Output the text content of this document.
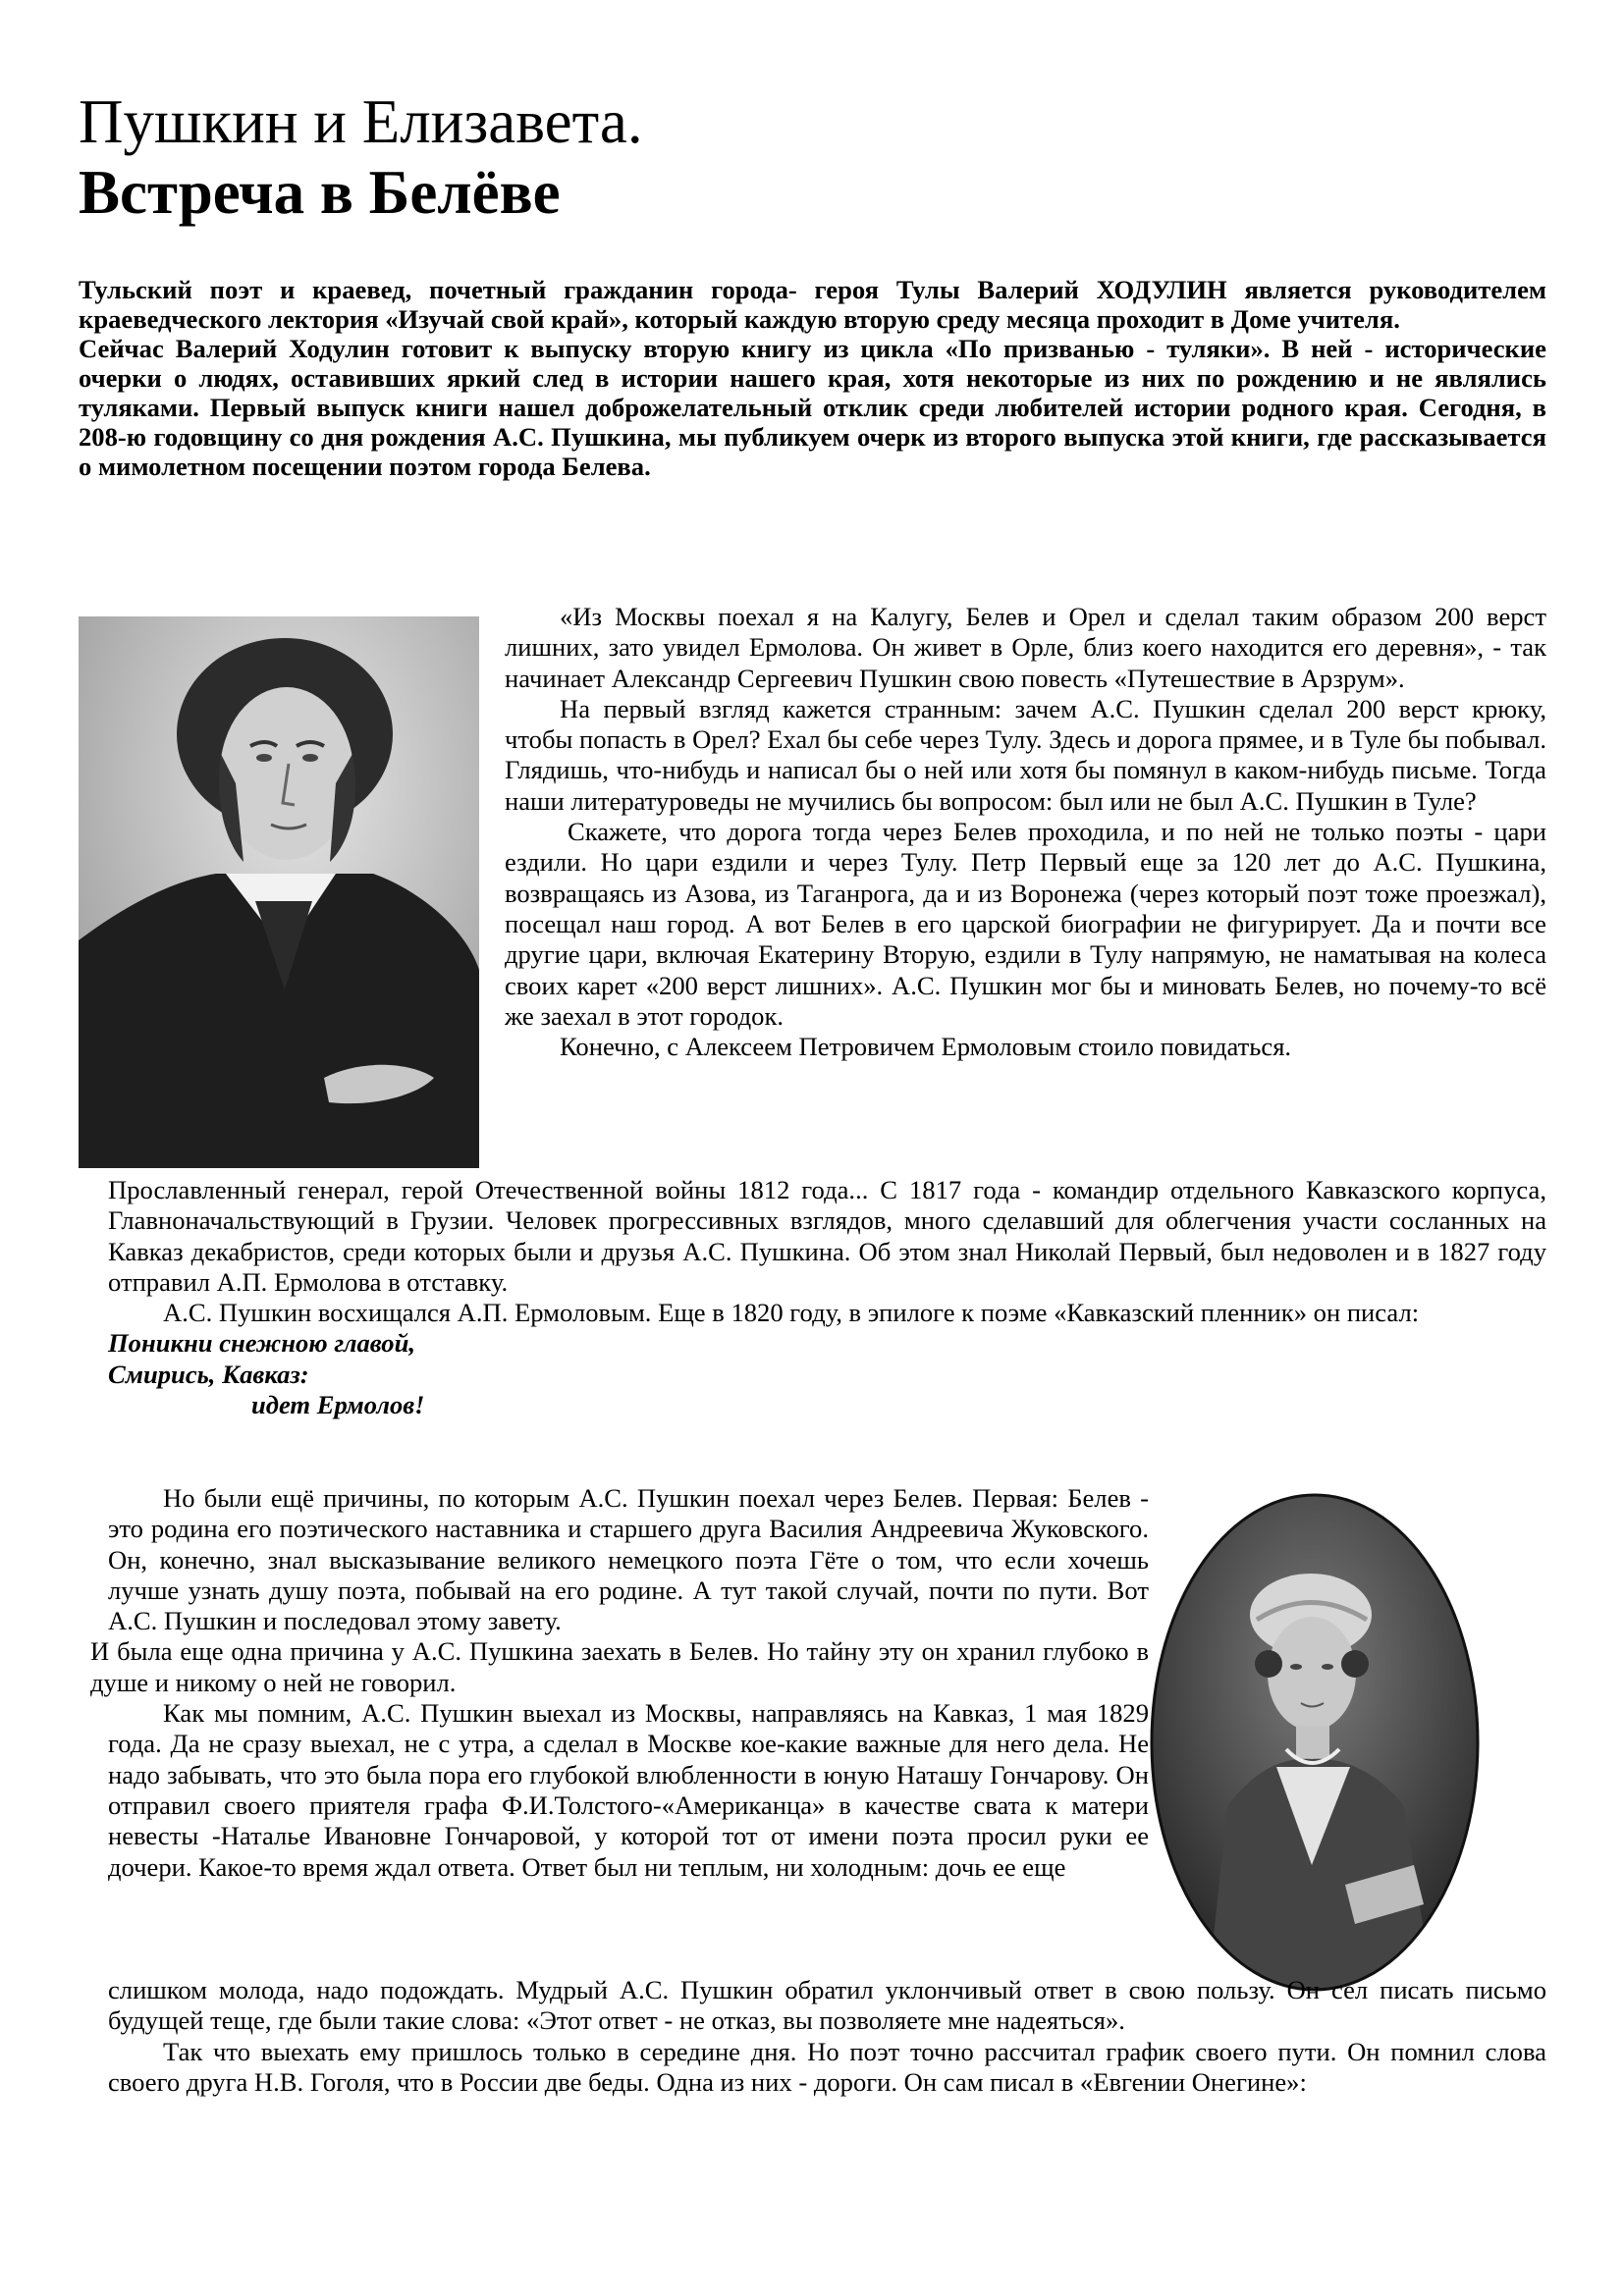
Пушкин и Елизавета.
Встреча в Белёве

Тульский поэт и краевед, почетный гражданин города- героя Тулы Валерий ХОДУЛИН является руководителем краеведческого лектория «Изучай свой край», который каждую вторую среду месяца проходит в Доме учителя.

Сейчас Валерий Ходулин готовит к выпуску вторую книгу из цикла «По призванью - туляки». В ней - исторические очерки о людях, оставивших яркий след в истории нашего края, хотя некоторые из них по рождению и не являлись туляками. Первый выпуск книги нашел доброжелательный отклик среди любителей истории родного края. Сегодня, в 208-ю годовщину со дня рождения А.С. Пушкина, мы публикуем очерк из второго выпуска этой книги, где рассказывается о мимолетном посещении поэтом города Белева.

«Из Москвы поехал я на Калугу, Белев и Орел и сделал таким образом 200 верст лишних, зато увидел Ермолова. Он живет в Орле, близ коего находится его деревня», - так начинает Александр Сергеевич Пушкин свою повесть «Путешествие в Арзрум».

На первый взгляд кажется странным: зачем А.С. Пушкин сделал 200 верст крюку, чтобы попасть в Орел? Ехал бы себе через Тулу. Здесь и дорога прямее, и в Туле бы побывал. Глядишь, что-нибудь и написал бы о ней или хотя бы помянул в каком-нибудь письме. Тогда наши литературоведы не мучились бы вопросом: был или не был А.С. Пушкин в Туле?

Скажете, что дорога тогда через Белев проходила, и по ней не только поэты - цари ездили. Но цари ездили и через Тулу. Петр Первый еще за 120 лет до А.С. Пушкина, возвращаясь из Азова, из Таганрога, да и из Воронежа (через который поэт тоже проезжал), посещал наш город. А вот Белев в его царской биографии не фигурирует. Да и почти все другие цари, включая Екатерину Вторую, ездили в Тулу напрямую, не наматывая на колеса своих карет «200 верст лишних». А.С. Пушкин мог бы и миновать Белев, но почему-то всё же заехал в этот городок.

Конечно, с Алексеем Петровичем Ермоловым стоило повидаться.

Прославленный генерал, герой Отечественной войны 1812 года... С 1817 года - командир отдельного Кавказского корпуса, Главноначальствующий в Грузии. Человек прогрессивных взглядов, много сделавший для облегчения участи сосланных на Кавказ декабристов, среди которых были и друзья А.С. Пушкина. Об этом знал Николай Первый, был недоволен и в 1827 году отправил А.П. Ермолова в отставку.

А.С. Пушкин восхищался А.П. Ермоловым. Еще в 1820 году, в эпилоге к поэме «Кавказский пленник» он писал:

Поникни снежною главой,
Смирись, Кавказ:
идет Ермолов!

Но были ещё причины, по которым А.С. Пушкин поехал через Белев. Первая: Белев - это родина его поэтического наставника и старшего друга Василия Андреевича Жуковского. Он, конечно, знал высказывание великого немецкого поэта Гёте о том, что если хочешь лучше узнать душу поэта, побывай на его родине. А тут такой случай, почти по пути. Вот А.С. Пушкин и последовал этому завету.

И была еще одна причина у А.С. Пушкина заехать в Белев. Но тайну эту он хранил глубоко в душе и никому о ней не говорил.

Как мы помним, А.С. Пушкин выехал из Москвы, направляясь на Кавказ, 1 мая 1829 года. Да не сразу выехал, не с утра, а сделал в Москве кое-какие важные для него дела. Не надо забывать, что это была пора его глубокой влюбленности в юную Наташу Гончарову. Он отправил своего приятеля графа Ф.И.Толстого-«Американца» в качестве свата к матери невесты -Наталье Ивановне Гончаровой, у которой тот от имени поэта просил руки ее дочери. Какое-то время ждал ответа. Ответ был ни теплым, ни холодным: дочь ее еще

слишком молода, надо подождать. Мудрый А.С. Пушкин обратил уклончивый ответ в свою пользу. Он сел писать письмо будущей теще, где были такие слова: «Этот ответ - не отказ, вы позволяете мне надеяться».

Так что выехать ему пришлось только в середине дня. Но поэт точно рассчитал график своего пути. Он помнил слова своего друга Н.В. Гоголя, что в России две беды. Одна из них - дороги. Он сам писал в «Евгении Онегине»:
